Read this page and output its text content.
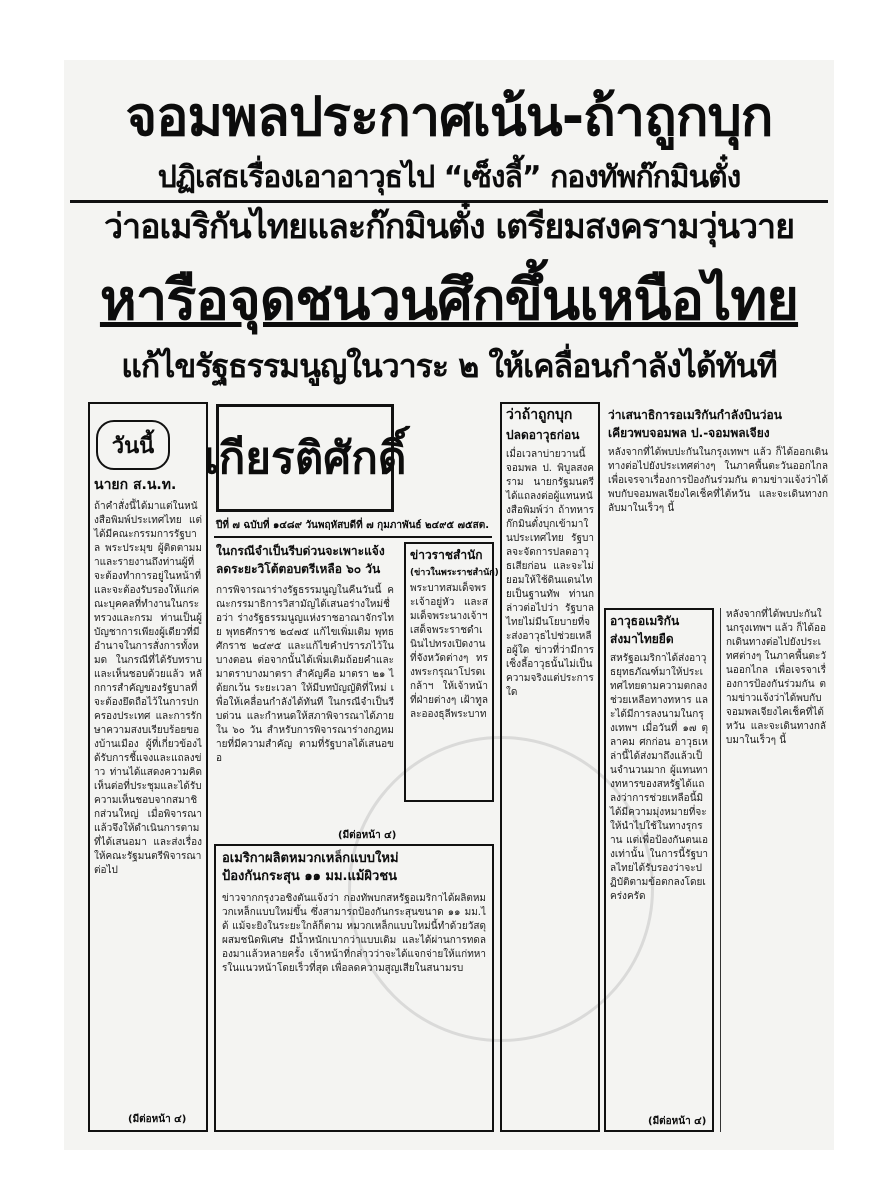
จอมพลประกาศเน้น-ถ้าถูกบุก
ปฏิเสธเรื่องเอาอาวุธไป “เซ็งลี้” กองทัพก๊กมินตั๋ง
ว่าอเมริกันไทยและก๊กมินตั๋ง เตรียมสงครามวุ่นวาย
หารือจุดชนวนศึกขึ้นเหนือไทย
แก้ไขรัฐธรรมนูญในวาระ ๒ ให้เคลื่อนกำลังได้ทันที
วันนี้
นายก ส.น.ท.
ถ้าคำสั่งนี้ได้มาแต่ในหนังสือพิมพ์ประเทศไทย แต่ได้มีคณะกรรมการรัฐบาล พระประมุข ผู้ติดตามมาและรายงานถึงท่านผู้ที่ จะต้องทำการอยู่ในหน้าที่และจะต้องรับรองให้แก่คณะบุคคลที่ทำงานในกระทรวงและกรม ท่านเป็นผู้บัญชาการเพียงผู้เดียวที่มีอำนาจในการสั่งการทั้งหมด ในกรณีที่ได้รับทราบและเห็นชอบด้วยแล้ว หลักการสำคัญของรัฐบาลที่จะต้องยึดถือไว้ในการปกครองประเทศ และการรักษาความสงบเรียบร้อยของบ้านเมือง ผู้ที่เกี่ยวข้องได้รับการชี้แจงและแถลงข่าว ท่านได้แสดงความคิดเห็นต่อที่ประชุมและได้รับความเห็นชอบจากสมาชิกส่วนใหญ่ เมื่อพิจารณาแล้วจึงให้ดำเนินการตามที่ได้เสนอมา และส่งเรื่องให้คณะรัฐมนตรีพิจารณาต่อไป
(มีต่อหน้า ๔)
เกียรติศักดิ์
ปีที่ ๗ ฉบับที่ ๑๔๘๙ วันพฤหัสบดีที่ ๗ กุมภาพันธ์ ๒๔๙๕ ๗๕สต.
ในกรณีจำเป็นรีบด่วนจะเพาะแจ้ง
ลดระยะวิโต้ตอบตรีเหลือ ๖๐ วัน
การพิจารณาร่างรัฐธรรมนูญในคืนวันนี้ คณะกรรมาธิการวิสามัญได้เสนอร่างใหม่ชื่อว่า ร่างรัฐธรรมนูญแห่งราชอาณาจักรไทย พุทธศักราช ๒๔๗๕ แก้ไขเพิ่มเติม พุทธศักราช ๒๔๙๕ และแก้ไขคำปรารภไว้ในบางตอน ต่อจากนั้นได้เพิ่มเติมถ้อยคำและมาตราบางมาตรา สำคัญคือ มาตรา ๒๑ ได้ยกเว้น ระยะเวลา ให้มีบทบัญญัติที่ใหม่ เพื่อให้เคลื่อนกำลังได้ทันที ในกรณีจำเป็นรีบด่วน และกำหนดให้สภาพิจารณาได้ภายใน ๖๐ วัน สำหรับการพิจารณาร่างกฎหมายที่มีความสำคัญ ตามที่รัฐบาลได้เสนอขอ
(มีต่อหน้า ๔)
ข่าวราชสำนัก
(ข่าวในพระราชสำนัก)
พระบาทสมเด็จพระเจ้าอยู่หัว และสมเด็จพระนางเจ้าฯ เสด็จพระราชดำเนินไปทรงเปิดงานที่จังหวัดต่างๆ ทรงพระกรุณาโปรดเกล้าฯ ให้เจ้าหน้าที่ฝ่ายต่างๆ เฝ้าทูลละอองธุลีพระบาท
อเมริกาผลิตหมวกเหล็กแบบใหม่
ป้องกันกระสุน ๑๑ มม.แม้ผิวชน
ข่าวจากกรุงวอชิงตันแจ้งว่า กองทัพบกสหรัฐอเมริกาได้ผลิตหมวกเหล็กแบบใหม่ขึ้น ซึ่งสามารถป้องกันกระสุนขนาด ๑๑ มม.ได้ แม้จะยิงในระยะใกล้ก็ตาม หมวกเหล็กแบบใหม่นี้ทำด้วยวัสดุผสมชนิดพิเศษ มีน้ำหนักเบากว่าแบบเดิม และได้ผ่านการทดลองมาแล้วหลายครั้ง เจ้าหน้าที่กล่าวว่าจะได้แจกจ่ายให้แก่ทหารในแนวหน้าโดยเร็วที่สุด เพื่อลดความสูญเสียในสนามรบ
ว่าถ้าถูกบุก
ปลดอาวุธก่อน
เมื่อเวลาบ่ายวานนี้ จอมพล ป. พิบูลสงคราม นายกรัฐมนตรี ได้แถลงต่อผู้แทนหนังสือพิมพ์ว่า ถ้าทหารก๊กมินตั๋งบุกเข้ามาในประเทศไทย รัฐบาลจะจัดการปลดอาวุธเสียก่อน และจะไม่ยอมให้ใช้ดินแดนไทยเป็นฐานทัพ ท่านกล่าวต่อไปว่า รัฐบาลไทยไม่มีนโยบายที่จะส่งอาวุธไปช่วยเหลือผู้ใด ข่าวที่ว่ามีการเซ็งลี้อาวุธนั้นไม่เป็นความจริงแต่ประการใด
ว่าเสนาธิการอเมริกันกำลังบินว่อน
เคียวพบจอมพล ป.-จอมพลเจียง
หลังจากที่ได้พบปะกันในกรุงเทพฯ แล้ว ก็ได้ออกเดินทางต่อไปยังประเทศต่างๆ ในภาคพื้นตะวันออกไกล เพื่อเจรจาเรื่องการป้องกันร่วมกัน ตามข่าวแจ้งว่าได้พบกับจอมพลเจียงไคเช็คที่ไต้หวัน และจะเดินทางกลับมาในเร็วๆ นี้
อาวุธอเมริกัน
ส่งมาไทยยืด
สหรัฐอเมริกาได้ส่งอาวุธยุทธภัณฑ์มาให้ประเทศไทยตามความตกลงช่วยเหลือทางทหาร และได้มีการลงนามในกรุงเทพฯ เมื่อวันที่ ๑๗ ตุลาคม ศกก่อน อาวุธเหล่านี้ได้ส่งมาถึงแล้วเป็นจำนวนมาก ผู้แทนทางทหารของสหรัฐได้แถลงว่าการช่วยเหลือนี้มิได้มีความมุ่งหมายที่จะให้นำไปใช้ในทางรุกราน แต่เพื่อป้องกันตนเองเท่านั้น ในการนี้รัฐบาลไทยได้รับรองว่าจะปฏิบัติตามข้อตกลงโดยเคร่งครัด
(มีต่อหน้า ๔)
หลังจากที่ได้พบปะกันในกรุงเทพฯ แล้ว ก็ได้ออกเดินทางต่อไปยังประเทศต่างๆ ในภาคพื้นตะวันออกไกล เพื่อเจรจาเรื่องการป้องกันร่วมกัน ตามข่าวแจ้งว่าได้พบกับจอมพลเจียงไคเช็คที่ไต้หวัน และจะเดินทางกลับมาในเร็วๆ นี้
